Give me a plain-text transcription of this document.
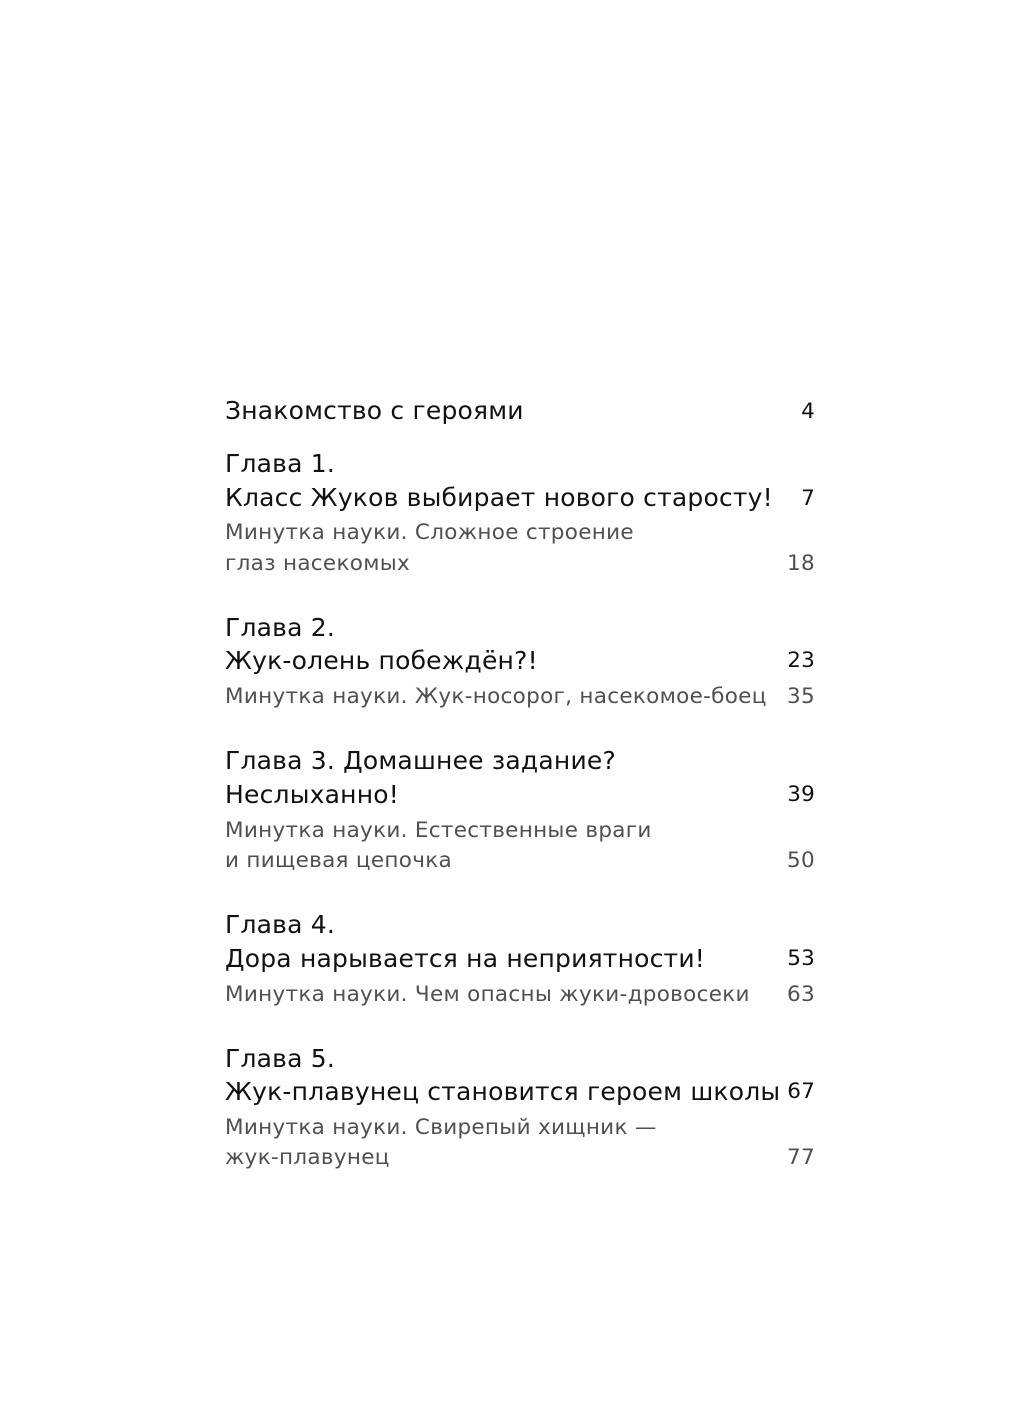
Знакомство с героями	4
Глава 1.
Класс Жуков выбирает нового старосту! 7
Минутка науки. Сложное строение
глаз насекомых	18
Глава 2.
Жук-олень побеждён?!	23
Минутка науки. Жук-носорог, насекомое-боец 35
Глава 3. Домашнее задание?
Неслыханно!	39
Минутка науки. Естественные враги
и пищевая цепочка	50
Глава 4.
Дора нарывается на неприятности!	53
Минутка науки. Чем опасны жуки-дровосеки 63
Глава 5.
Жук-плавунец становится героем школы 67
Минутка науки. Свирепый хищник —
жук-плавунец	77
